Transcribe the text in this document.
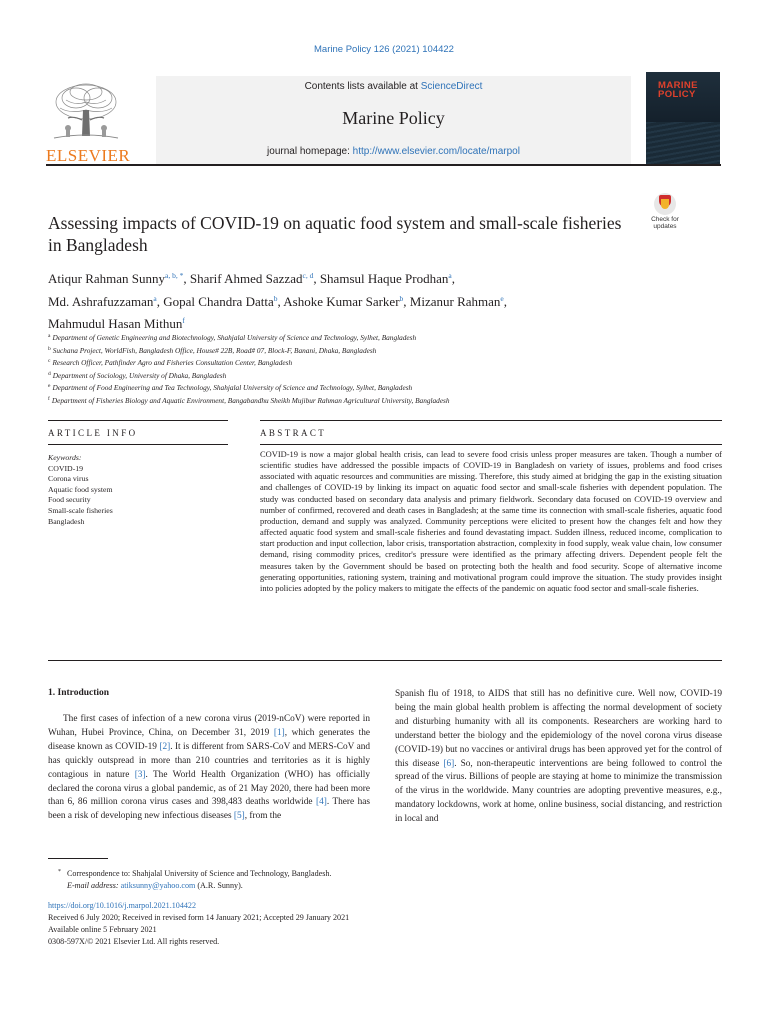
Marine Policy 126 (2021) 104422
ELSEVIER
Contents lists available at ScienceDirect
Marine Policy
journal homepage: http://www.elsevier.com/locate/marpol
MARINE
POLICY
Check for
updates
Assessing impacts of COVID-19 on aquatic food system and small-scale fisheries in Bangladesh
Atiqur Rahman Sunny$^{a, b, *}$, Sharif Ahmed Sazzad$^{c, d}$, Shamsul Haque Prodhan$^a$,
Md. Ashrafuzzaman$^a$, Gopal Chandra Datta$^b$, Ashoke Kumar Sarker$^b$, Mizanur Rahman$^e$,
Mahmudul Hasan Mithun$^f$
$^a$ Department of Genetic Engineering and Biotechnology, Shahjalal University of Science and Technology, Sylhet, Bangladesh
$^b$ Suchana Project, WorldFish, Bangladesh Office, House# 22B, Road# 07, Block-F, Banani, Dhaka, Bangladesh
$^c$ Research Officer, Pathfinder Agro and Fisheries Consultation Center, Bangladesh
$^d$ Department of Sociology, University of Dhaka, Bangladesh
$^e$ Department of Food Engineering and Tea Technology, Shahjalal University of Science and Technology, Sylhet, Bangladesh
$^f$ Department of Fisheries Biology and Aquatic Environment, Bangabandhu Sheikh Mujibur Rahman Agricultural University, Bangladesh
ARTICLE INFO	ABSTRACT
Keywords:
COVID-19
Corona virus
Aquatic food system
Food security
Small-scale fisheries
Bangladesh
COVID-19 is now a major global health crisis, can lead to severe food crisis unless proper measures are taken. Though a number of scientific studies have addressed the possible impacts of COVID-19 in Bangladesh on variety of issues, problems and food crises associated with aquatic resources and communities are missing. Therefore, this study aimed at bridging the gap in the existing situation and challenges of COVID-19 by linking its impact on aquatic food sector and small-scale fisheries with dependent population. The study was conducted based on secondary data analysis and primary fieldwork. Secondary data focused on COVID-19 overview and number of confirmed, recovered and death cases in Bangladesh; at the same time its connection with small-scale fisheries, aquatic food production, demand and supply was analyzed. Community perceptions were elicited to present how the changes felt and how they affected aquatic food system and small-scale fisheries and found devastating impact. Sudden illness, reduced income, complication to start production and input collection, labor crisis, transportation abstraction, complexity in food supply, weak value chain, low consumer demand, rising commodity prices, creditor's pressure were identified as the primary affecting drivers. Dependent people felt the measures taken by the Government should be based on protecting both the health and food security. Scope of alternative income generating opportunities, rationing system, training and motivational program could improve the situation. The study provides insight into policies adopted by the policy makers to mitigate the effects of the pandemic on aquatic food sector and small-scale fisheries.
1. Introduction

The first cases of infection of a new corona virus (2019-nCoV) were reported in Wuhan, Hubei Province, China, on December 31, 2019 [1], which generates the disease known as COVID-19 [2]. It is different from SARS-CoV and MERS-CoV and has quickly outspread in more than 210 countries and territories as it is highly contagious in nature [3]. The World Health Organization (WHO) has officially declared the corona virus a global pandemic, as of 21 May 2020, there had been more than 6, 86 million corona virus cases and 398,483 deaths worldwide [4]. There has been a risk of developing new infectious diseases [5], from the

Spanish flu of 1918, to AIDS that still has no definitive cure. Well now, COVID-19 being the main global health problem is affecting the normal development of society and disturbing humanity with all its components. Researchers are working hard to understand better the biology and the epidemiology of the novel corona virus disease (COVID-19) but no vaccines or antiviral drugs has been approved yet for the control of this disease [6]. So, non-therapeutic interventions are being followed to control the spread of the virus. Billions of people are staying at home to minimize the transmission of the virus in the worldwide. Many countries are adopting preventive measures, e.g., mandatory lockdowns, work at home, online business, social distancing, and restriction in local and

* Correspondence to: Shahjalal University of Science and Technology, Bangladesh.
E-mail address: atiksunny@yahoo.com (A.R. Sunny).
https://doi.org/10.1016/j.marpol.2021.104422
Received 6 July 2020; Received in revised form 14 January 2021; Accepted 29 January 2021
Available online 5 February 2021
0308-597X/© 2021 Elsevier Ltd. All rights reserved.
